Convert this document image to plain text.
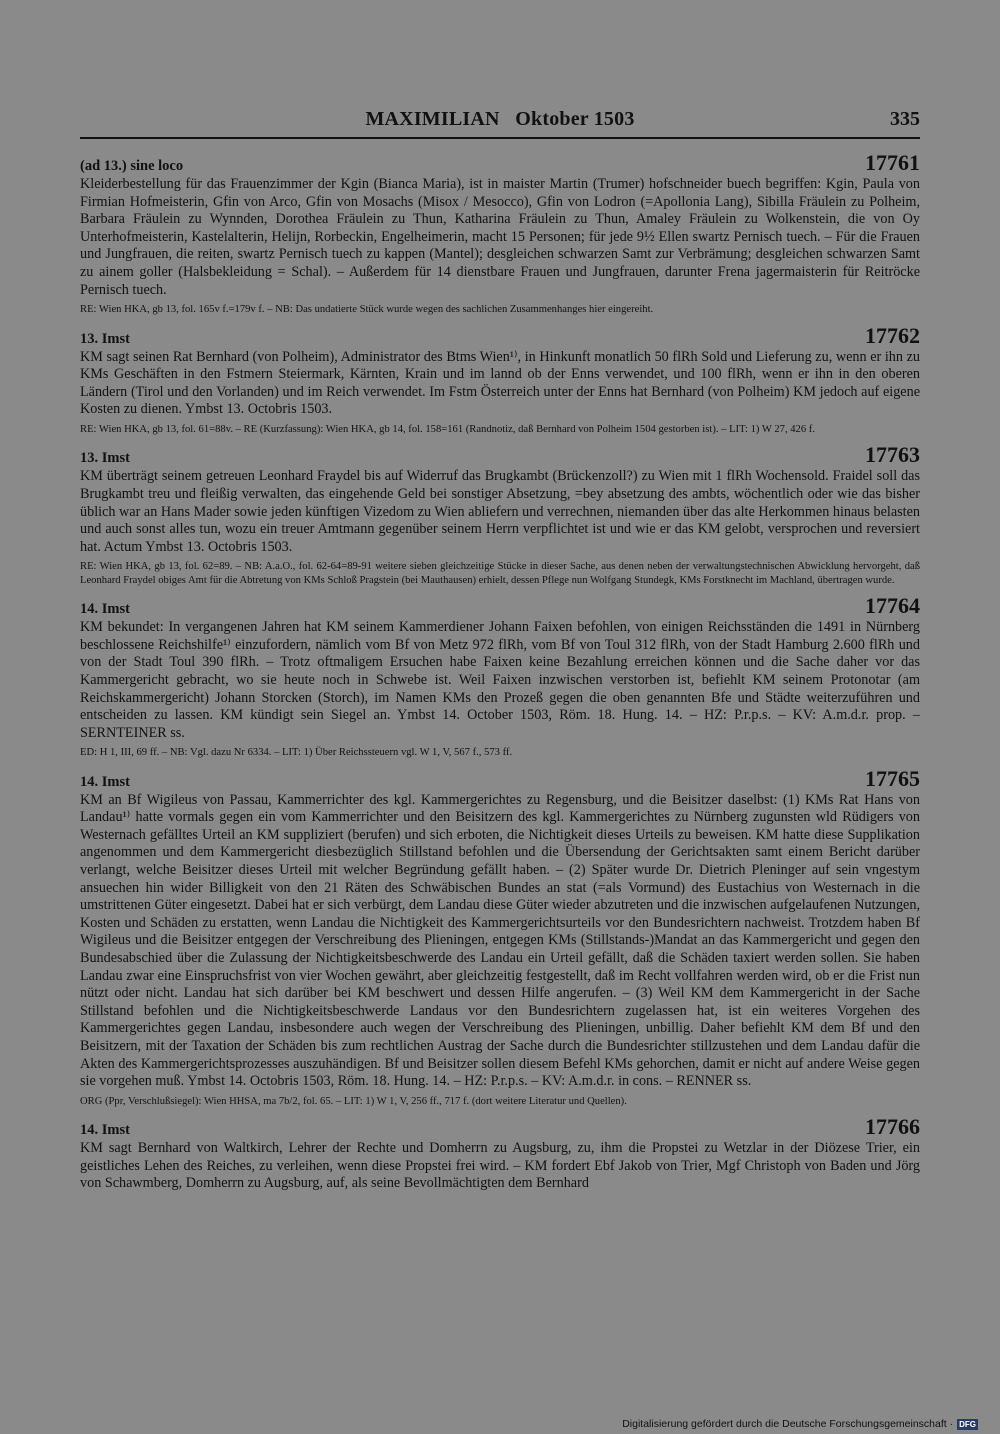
MAXIMILIAN   Oktober 1503	335
(ad 13.) sine loco	17761
Kleiderbestellung für das Frauenzimmer der Kgin (Bianca Maria), ist in maister Martin (Trumer) hofschneider buech begriffen: Kgin, Paula von Firmian Hofmeisterin, Gfin von Arco, Gfin von Mosachs (Misox / Mesocco), Gfin von Lodron (=Apollonia Lang), Sibilla Fräulein zu Polheim, Barbara Fräulein zu Wynnden, Dorothea Fräulein zu Thun, Katharina Fräulein zu Thun, Amaley Fräulein zu Wolkenstein, die von Oy Unterhofmeisterin, Kastelalterin, Helijn, Rorbeckin, Engelheimerin, macht 15 Personen; für jede 9½ Ellen swartz Pernisch tuech. – Für die Frauen und Jungfrauen, die reiten, swartz Pernisch tuech zu kappen (Mantel); desgleichen schwarzen Samt zur Verbrämung; desgleichen schwarzen Samt zu ainem goller (Halsbekleidung = Schal). – Außerdem für 14 dienstbare Frauen und Jungfrauen, darunter Frena jagermaisterin für Reitröcke Pernisch tuech.
RE: Wien HKA, gb 13, fol. 165v f.=179v f. – NB: Das undatierte Stück wurde wegen des sachlichen Zusammenhanges hier eingereiht.
13. Imst	17762
KM sagt seinen Rat Bernhard (von Polheim), Administrator des Btms Wien¹⁾, in Hinkunft monatlich 50 flRh Sold und Lieferung zu, wenn er ihn zu KMs Geschäften in den Fstmern Steiermark, Kärnten, Krain und im lannd ob der Enns verwendet, und 100 flRh, wenn er ihn in den oberen Ländern (Tirol und den Vorlanden) und im Reich verwendet. Im Fstm Österreich unter der Enns hat Bernhard (von Polheim) KM jedoch auf eigene Kosten zu dienen. Ymbst 13. Octobris 1503.
RE: Wien HKA, gb 13, fol. 61=88v. – RE (Kurzfassung): Wien HKA, gb 14, fol. 158=161 (Randnotiz, daß Bernhard von Polheim 1504 gestorben ist). – LIT: 1) W 27, 426 f.
13. Imst	17763
KM überträgt seinem getreuen Leonhard Fraydel bis auf Widerruf das Brugkambt (Brückenzoll?) zu Wien mit 1 flRh Wochensold. Fraidel soll das Brugkambt treu und fleißig verwalten, das eingehende Geld bei sonstiger Absetzung, =bey absetzung des ambts, wöchentlich oder wie das bisher üblich war an Hans Mader sowie jeden künftigen Vizedom zu Wien abliefern und verrechnen, niemanden über das alte Herkommen hinaus belasten und auch sonst alles tun, wozu ein treuer Amtmann gegenüber seinem Herrn verpflichtet ist und wie er das KM gelobt, versprochen und reversiert hat. Actum Ymbst 13. Octobris 1503.
RE: Wien HKA, gb 13, fol. 62=89. – NB: A.a.O., fol. 62-64=89-91 weitere sieben gleichzeitige Stücke in dieser Sache, aus denen neben der verwaltungstechnischen Abwicklung hervorgeht, daß Leonhard Fraydel obiges Amt für die Abtretung von KMs Schloß Pragstein (bei Mauthausen) erhielt, dessen Pflege nun Wolfgang Stundegk, KMs Forstknecht im Machland, übertragen wurde.
14. Imst	17764
KM bekundet: In vergangenen Jahren hat KM seinem Kammerdiener Johann Faixen befohlen, von einigen Reichsständen die 1491 in Nürnberg beschlossene Reichshilfe¹⁾ einzufordern, nämlich vom Bf von Metz 972 flRh, vom Bf von Toul 312 flRh, von der Stadt Hamburg 2.600 flRh und von der Stadt Toul 390 flRh. – Trotz oftmaligem Ersuchen habe Faixen keine Bezahlung erreichen können und die Sache daher vor das Kammergericht gebracht, wo sie heute noch in Schwebe ist. Weil Faixen inzwischen verstorben ist, befiehlt KM seinem Protonotar (am Reichskammergericht) Johann Storcken (Storch), im Namen KMs den Prozeß gegen die oben genannten Bfe und Städte weiterzuführen und entscheiden zu lassen. KM kündigt sein Siegel an. Ymbst 14. October 1503, Röm. 18. Hung. 14. – HZ: P.r.p.s. – KV: A.m.d.r. prop. – SERNTEINER ss.
ED: H 1, III, 69 ff. – NB: Vgl. dazu Nr 6334. – LIT: 1) Über Reichssteuern vgl. W 1, V, 567 f., 573 ff.
14. Imst	17765
KM an Bf Wigileus von Passau, Kammerrichter des kgl. Kammergerichtes zu Regensburg, und die Beisitzer daselbst: (1) KMs Rat Hans von Landau¹⁾ hatte vormals gegen ein vom Kammerrichter und den Beisitzern des kgl. Kammergerichtes zu Nürnberg zugunsten wld Rüdigers von Westernach gefälltes Urteil an KM suppliziert (berufen) und sich erboten, die Nichtigkeit dieses Urteils zu beweisen. KM hatte diese Supplikation angenommen und dem Kammergericht diesbezüglich Stillstand befohlen und die Übersendung der Gerichtsakten samt einem Bericht darüber verlangt, welche Beisitzer dieses Urteil mit welcher Begründung gefällt haben. – (2) Später wurde Dr. Dietrich Pleninger auf sein vngestym ansuechen hin wider Billigkeit von den 21 Räten des Schwäbischen Bundes an stat (=als Vormund) des Eustachius von Westernach in die umstrittenen Güter eingesetzt. Dabei hat er sich verbürgt, dem Landau diese Güter wieder abzutreten und die inzwischen aufgelaufenen Nutzungen, Kosten und Schäden zu erstatten, wenn Landau die Nichtigkeit des Kammergerichtsurteils vor den Bundesrichtern nachweist. Trotzdem haben Bf Wigileus und die Beisitzer entgegen der Verschreibung des Plieningen, entgegen KMs (Stillstands-)Mandat an das Kammergericht und gegen den Bundesabschied über die Zulassung der Nichtigkeitsbeschwerde des Landau ein Urteil gefällt, daß die Schäden taxiert werden sollen. Sie haben Landau zwar eine Einspruchsfrist von vier Wochen gewährt, aber gleichzeitig festgestellt, daß im Recht vollfahren werden wird, ob er die Frist nun nützt oder nicht. Landau hat sich darüber bei KM beschwert und dessen Hilfe angerufen. – (3) Weil KM dem Kammergericht in der Sache Stillstand befohlen und die Nichtigkeitsbeschwerde Landaus vor den Bundesrichtern zugelassen hat, ist ein weiteres Vorgehen des Kammergerichtes gegen Landau, insbesondere auch wegen der Verschreibung des Plieningen, unbillig. Daher befiehlt KM dem Bf und den Beisitzern, mit der Taxation der Schäden bis zum rechtlichen Austrag der Sache durch die Bundesrichter stillzustehen und dem Landau dafür die Akten des Kammergerichtsprozesses auszuhändigen. Bf und Beisitzer sollen diesem Befehl KMs gehorchen, damit er nicht auf andere Weise gegen sie vorgehen muß. Ymbst 14. Octobris 1503, Röm. 18. Hung. 14. – HZ: P.r.p.s. – KV: A.m.d.r. in cons. – RENNER ss.
ORG (Ppr, Verschlußsiegel): Wien HHSA, ma 7b/2, fol. 65. – LIT: 1) W 1, V, 256 ff., 717 f. (dort weitere Literatur und Quellen).
14. Imst	17766
KM sagt Bernhard von Waltkirch, Lehrer der Rechte und Domherrn zu Augsburg, zu, ihm die Propstei zu Wetzlar in der Diözese Trier, ein geistliches Lehen des Reiches, zu verleihen, wenn diese Propstei frei wird. – KM fordert Ebf Jakob von Trier, Mgf Christoph von Baden und Jörg von Schawmberg, Domherrn zu Augsburg, auf, als seine Bevollmächtigten dem Bernhard
Digitalisierung gefördert durch die Deutsche Forschungsgemeinschaft · DFG
